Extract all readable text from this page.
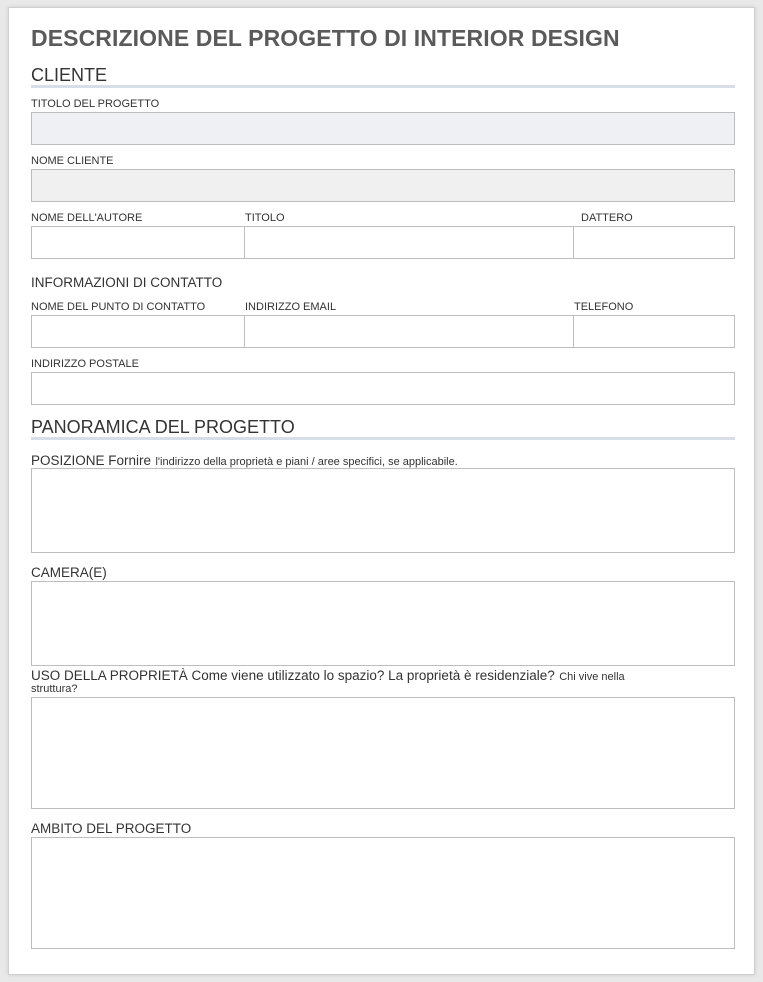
DESCRIZIONE DEL PROGETTO DI INTERIOR DESIGN
CLIENTE
TITOLO DEL PROGETTO
NOME CLIENTE
NOME DELL'AUTORE	TITOLO	DATTERO
INFORMAZIONI DI CONTATTO
NOME DEL PUNTO DI CONTATTO	INDIRIZZO EMAIL	TELEFONO
INDIRIZZO POSTALE
PANORAMICA DEL PROGETTO
POSIZIONE Fornire l'indirizzo della proprietà e piani / aree specifici, se applicabile.
CAMERA(E)
USO DELLA PROPRIETÀ Come viene utilizzato lo spazio? La proprietà è residenziale? Chi vive nella
struttura?
AMBITO DEL PROGETTO
